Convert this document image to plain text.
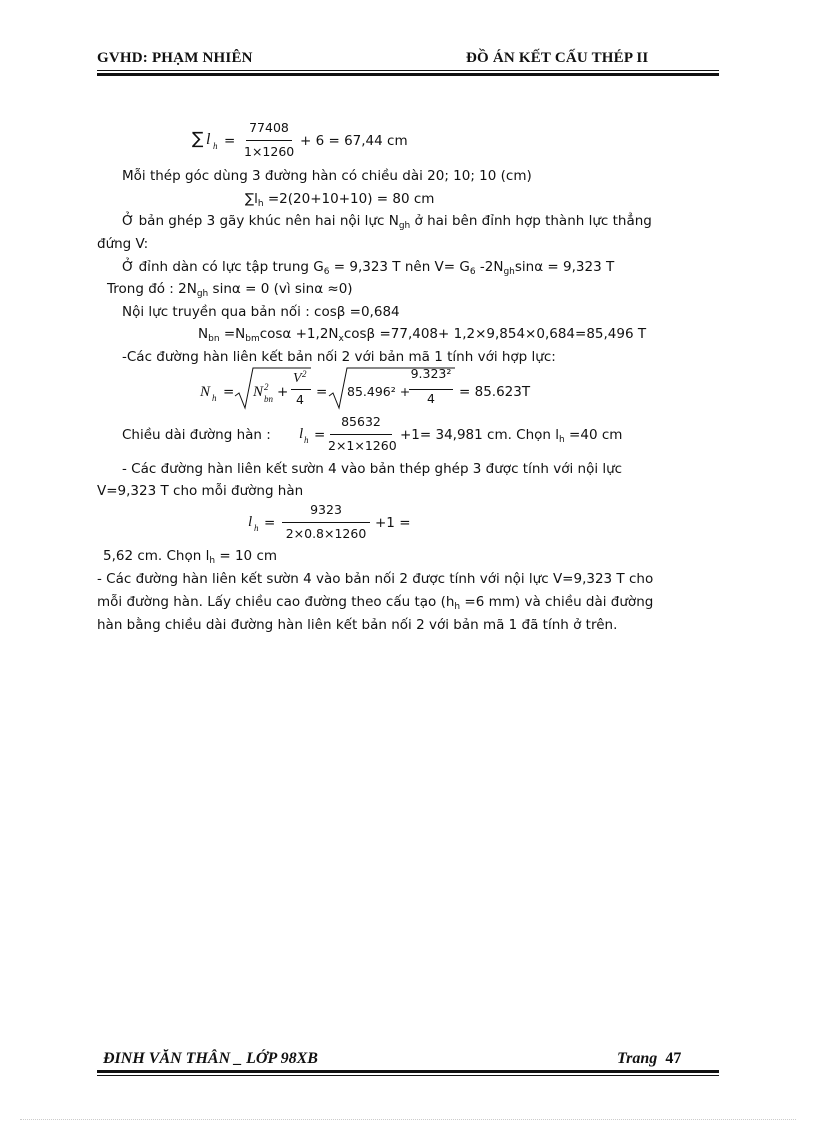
GVHD: PHẠM NHIÊN	ĐỒ ÁN KẾT CẤU THÉP II
∑ l h =
77408
1×1260
+ 6 = 67,44 cm
Mỗi thép góc dùng 3 đường hàn có chiều dài 20; 10; 10 (cm)
$\sum l_h =2(20+10+10) = 80$ cm
Ở bản ghép 3 gãy khúc nên hai nội lực $N_{gh}$ ở hai bên đỉnh hợp thành lực thẳng
đứng V:
Ở đỉnh dàn có lực tập trung $G_6 = 9,323$ T nên $V= G_6$ $-2N_{gh}\sin\alpha = 9,323$ T
Trong đó : $2N_{gh}$ sinα = 0 (vì sinα ≈0)
Nội lực truyền qua bản nối : cosβ =0,684
$N_{bn} =N_{bm}\cos\alpha +1,2N_x\cos\beta =77,408+ 1,2\times 9,854\times 0,684=85,496$ T
-Các đường hàn liên kết bản nối 2 với bản mã 1 tính với hợp lực:
N h = N 2
bn +
V 2
4 = 85.496² +
9.323²
4	= 85.623T
Chiều dài đường hàn : l h =
85632
2×1×1260
+1= 34,981 cm. Chọn $l_h =40$ cm
- Các đường hàn liên kết sườn 4 vào bản thép ghép 3 được tính với nội lực
V=9,323 T cho mỗi đường hàn
l h =
9323
2×0.8×1260
+1 =
5,62 cm. Chọn $l_h = 10$ cm
- Các đường hàn liên kết sườn 4 vào bản nối 2 được tính với nội lực V=9,323 T cho
mỗi đường hàn. Lấy chiều cao đường theo cấu tạo ($h_h =6$ mm) và chiều dài đường
hàn bằng chiều dài đường hàn liên kết bản nối 2 với bản mã 1 đã tính ở trên.
ĐINH VĂN THÂN _ LỚP 98XB	Trang 47
